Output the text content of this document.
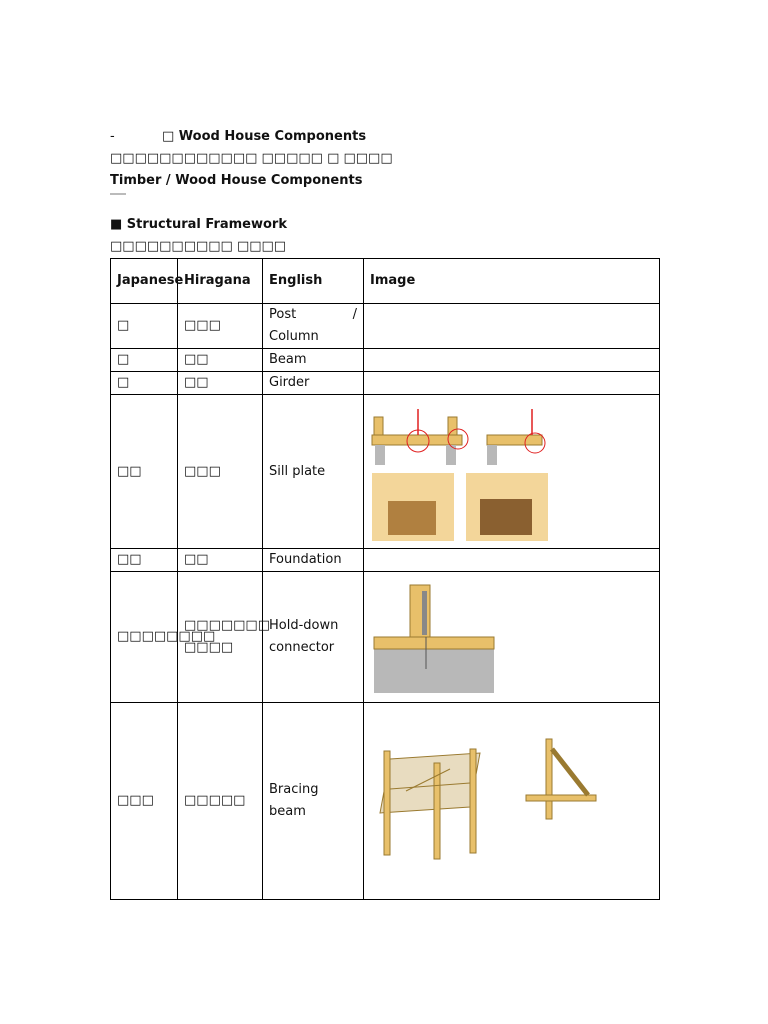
-	□ Wood House Components
□□□□□□□□□□□□ □□□□□ □ □□□□
Timber / Wood House Components
■ Structural Framework
□□□□□□□□□□ □□□□
Japanese	Hiragana	English	Image
□	□□□	Post /
Column	

□	□□	Beam	
□	□□	Girder	
□□	□□□	Sill plate	

□□	□□	Foundation	
□□□□□□□□	□□□□□□□ □□□□	Hold-down connector	

□□□	□□□□□	Bracing beam	
